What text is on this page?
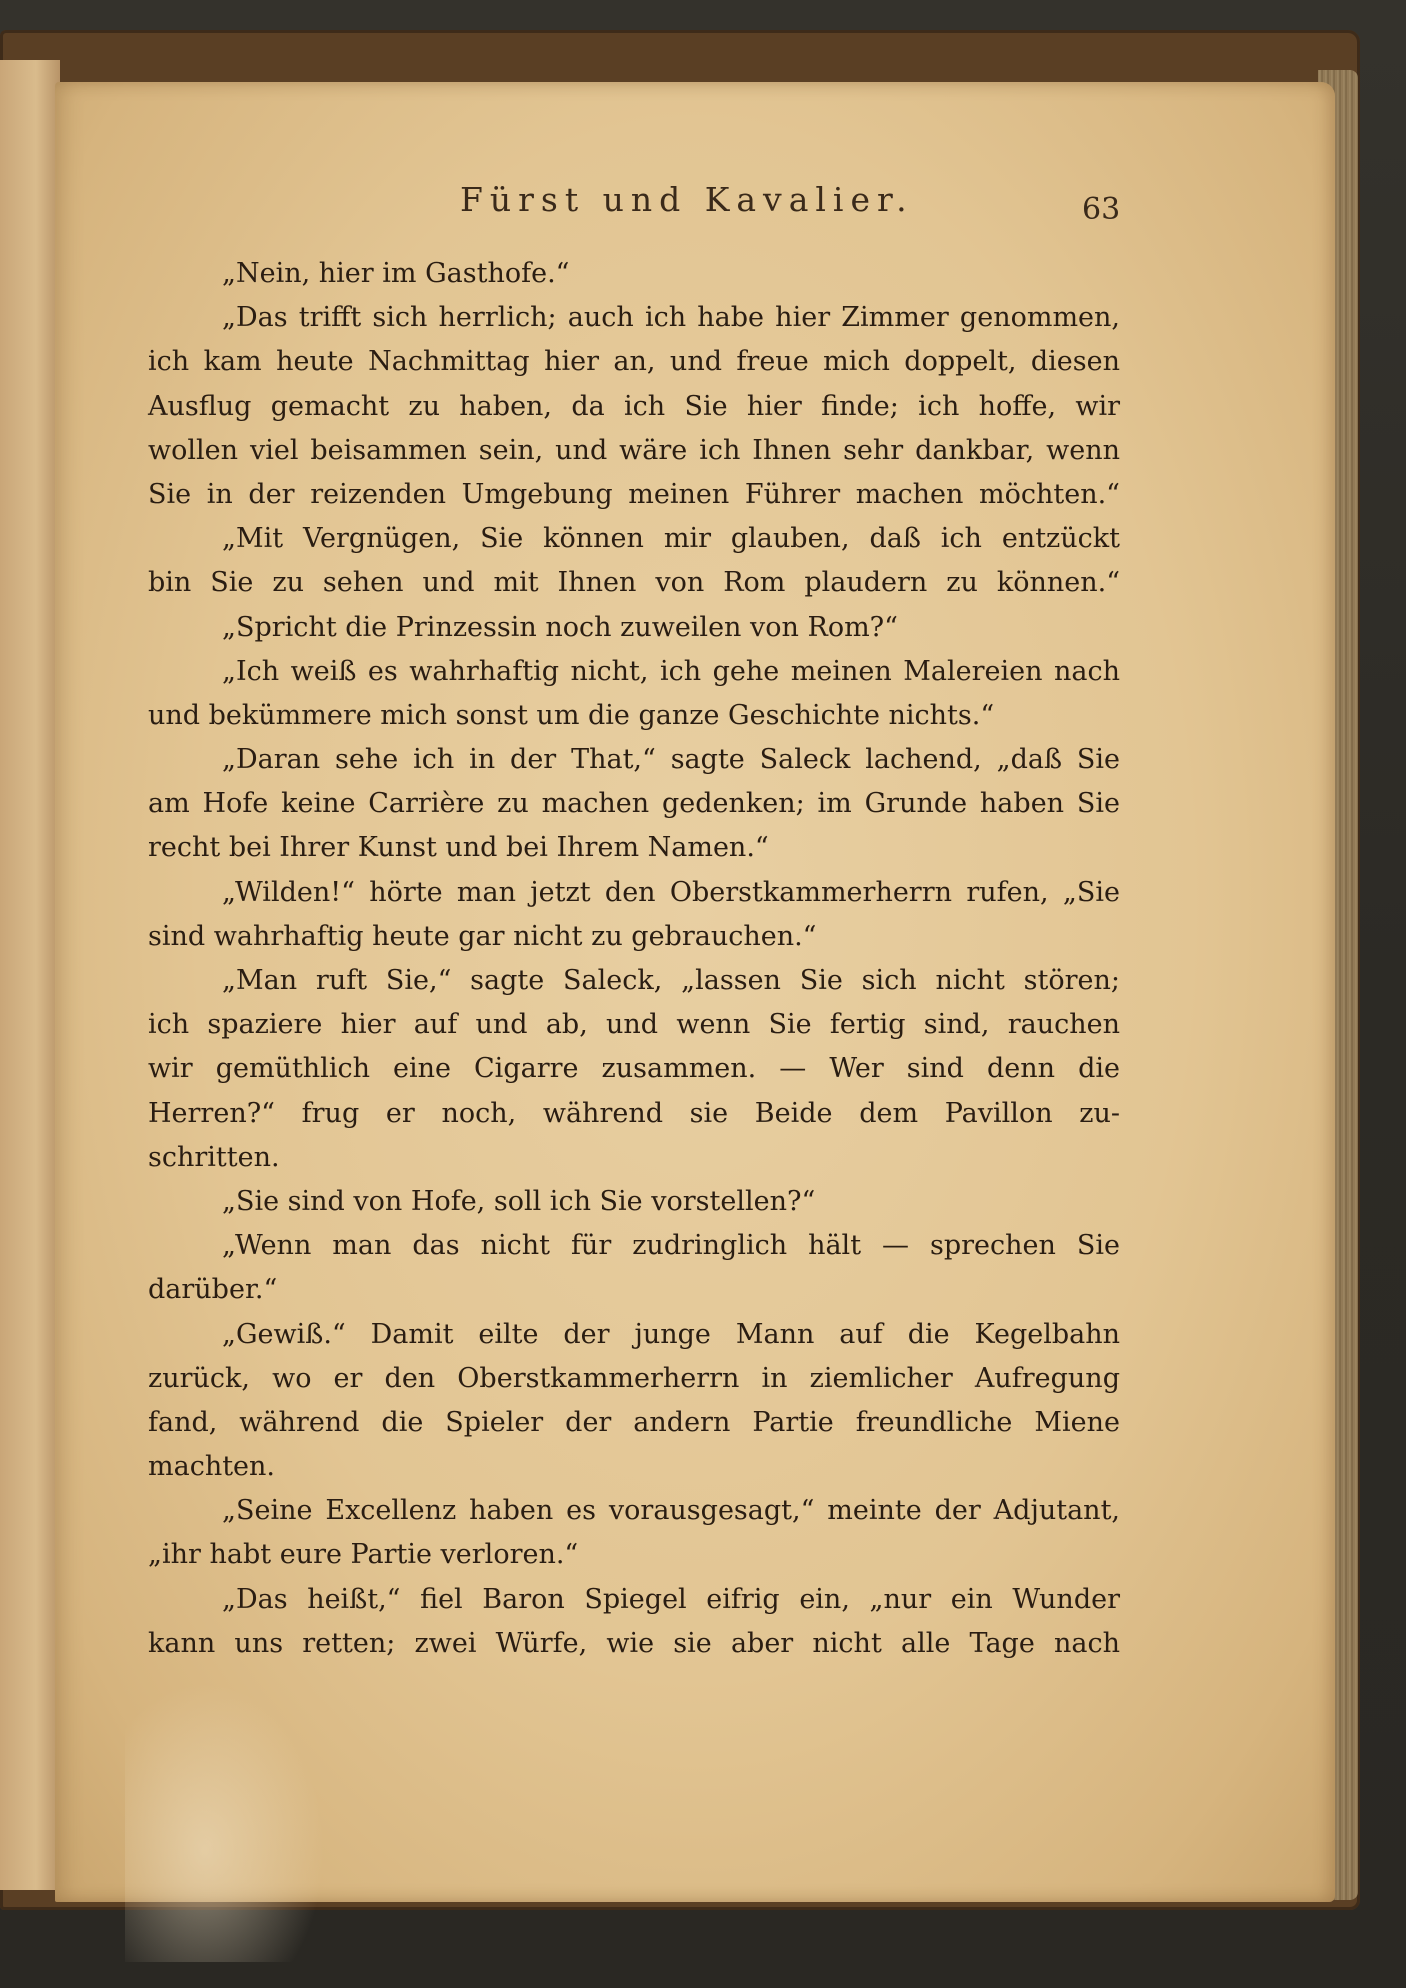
Fürst und Kavalier.	63
„Nein, hier im Gasthofe.“
„Das trifft sich herrlich; auch ich habe hier Zimmer genommen,
ich kam heute Nachmittag hier an, und freue mich doppelt, diesen
Ausflug gemacht zu haben, da ich Sie hier finde; ich hoffe, wir
wollen viel beisammen sein, und wäre ich Ihnen sehr dankbar, wenn
Sie in der reizenden Umgebung meinen Führer machen möchten.“
„Mit Vergnügen, Sie können mir glauben, daß ich entzückt
bin Sie zu sehen und mit Ihnen von Rom plaudern zu können.“
„Spricht die Prinzessin noch zuweilen von Rom?“
„Ich weiß es wahrhaftig nicht, ich gehe meinen Malereien nach
und bekümmere mich sonst um die ganze Geschichte nichts.“
„Daran sehe ich in der That,“ sagte Saleck lachend, „daß Sie
am Hofe keine Carrière zu machen gedenken; im Grunde haben Sie
recht bei Ihrer Kunst und bei Ihrem Namen.“
„Wilden!“ hörte man jetzt den Oberstkammerherrn rufen, „Sie
sind wahrhaftig heute gar nicht zu gebrauchen.“
„Man ruft Sie,“ sagte Saleck, „lassen Sie sich nicht stören;
ich spaziere hier auf und ab, und wenn Sie fertig sind, rauchen
wir gemüthlich eine Cigarre zusammen. — Wer sind denn die
Herren?“ frug er noch, während sie Beide dem Pavillon zu-
schritten.
„Sie sind von Hofe, soll ich Sie vorstellen?“
„Wenn man das nicht für zudringlich hält — sprechen Sie
darüber.“
„Gewiß.“ Damit eilte der junge Mann auf die Kegelbahn
zurück, wo er den Oberstkammerherrn in ziemlicher Aufregung
fand, während die Spieler der andern Partie freundliche Miene
machten.
„Seine Excellenz haben es vorausgesagt,“ meinte der Adjutant,
„ihr habt eure Partie verloren.“
„Das heißt,“ fiel Baron Spiegel eifrig ein, „nur ein Wunder
kann uns retten; zwei Würfe, wie sie aber nicht alle Tage nach
